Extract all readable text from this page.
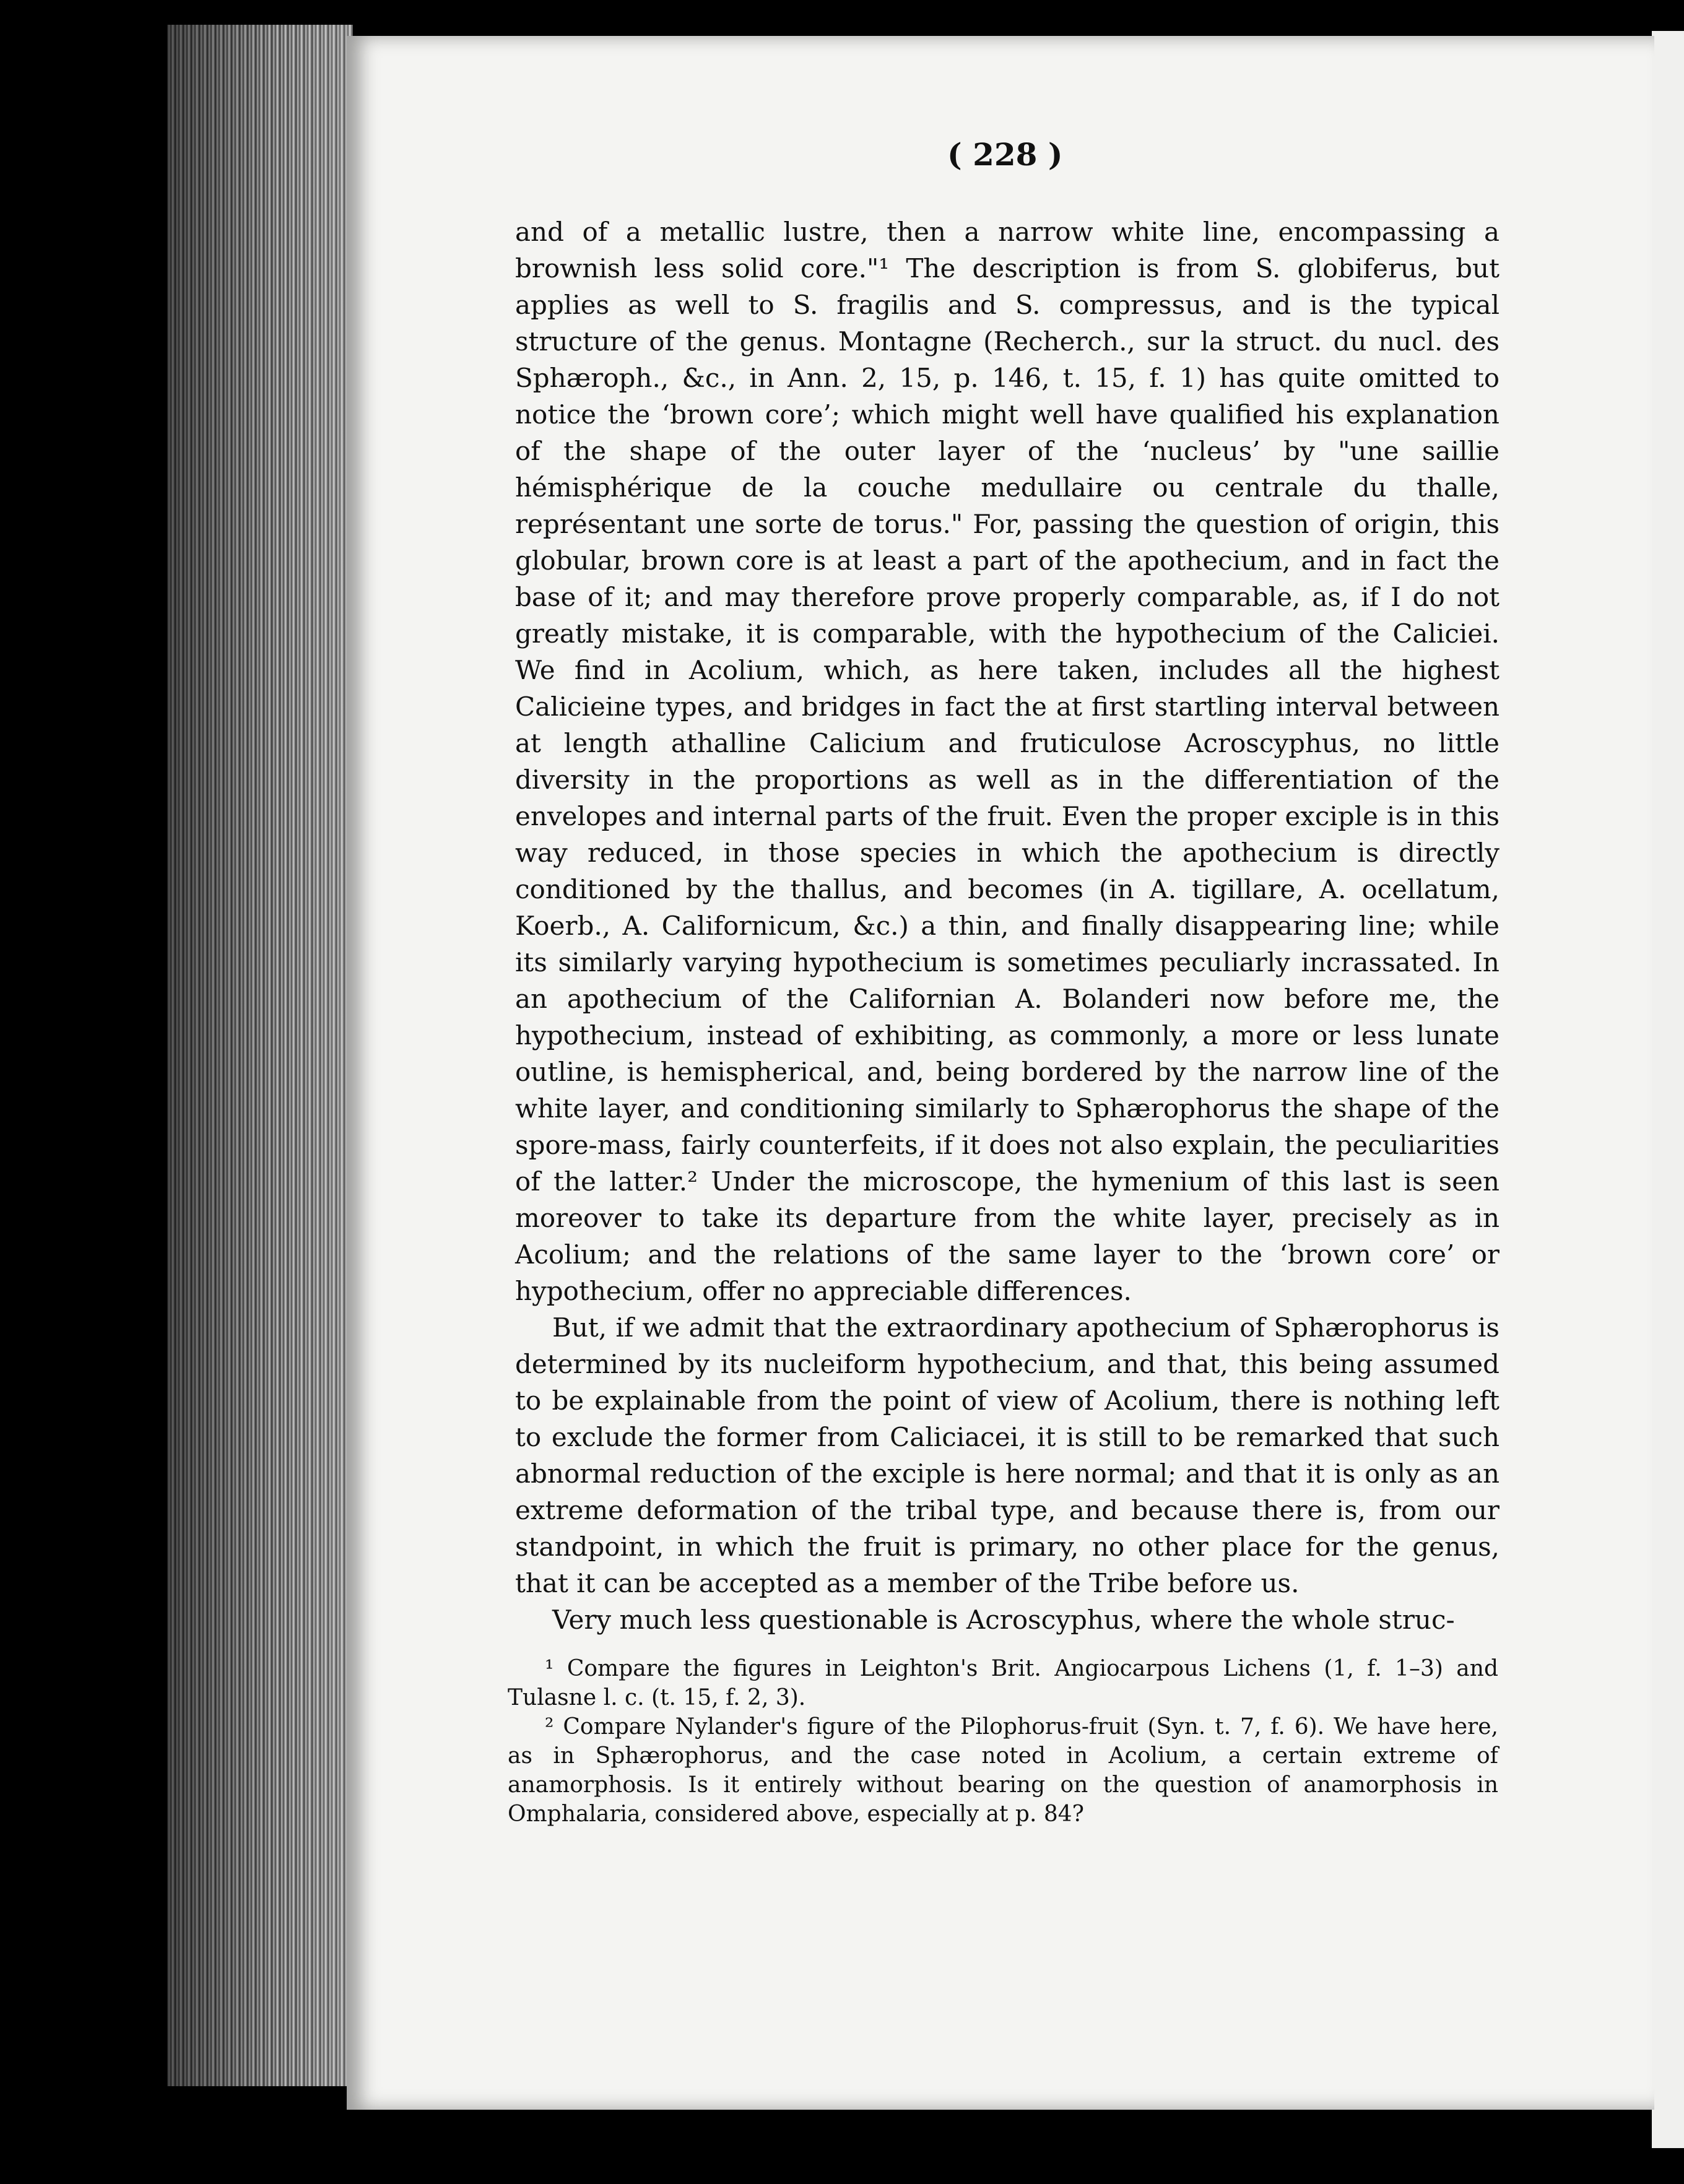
( 228 )

and of a metallic lustre, then a narrow white line, encompassing a brownish less solid core."¹ The description is from S. globiferus, but applies as well to S. fragilis and S. compressus, and is the typical structure of the genus. Montagne (Recherch., sur la struct. du nucl. des Sphæroph., &c., in Ann. 2, 15, p. 146, t. 15, f. 1) has quite omitted to notice the ‘brown core’; which might well have qualified his explanation of the shape of the outer layer of the ‘nucleus’ by "une saillie hémisphérique de la couche medullaire ou centrale du thalle, représentant une sorte de torus." For, passing the question of origin, this globular, brown core is at least a part of the apothecium, and in fact the base of it; and may therefore prove properly comparable, as, if I do not greatly mistake, it is comparable, with the hypothecium of the Caliciei. We find in Acolium, which, as here taken, includes all the highest Calicieine types, and bridges in fact the at first startling interval between at length athalline Calicium and fruticulose Acroscyphus, no little diversity in the proportions as well as in the differentiation of the envelopes and internal parts of the fruit. Even the proper exciple is in this way reduced, in those species in which the apothecium is directly conditioned by the thallus, and becomes (in A. tigillare, A. ocellatum, Koerb., A. Californicum, &c.) a thin, and finally disappearing line; while its similarly varying hypothecium is sometimes peculiarly incrassated. In an apothecium of the Californian A. Bolanderi now before me, the hypothecium, instead of exhibiting, as commonly, a more or less lunate outline, is hemispherical, and, being bordered by the narrow line of the white layer, and conditioning similarly to Sphærophorus the shape of the spore-mass, fairly counterfeits, if it does not also explain, the peculiarities of the latter.² Under the microscope, the hymenium of this last is seen moreover to take its departure from the white layer, precisely as in Acolium; and the relations of the same layer to the ‘brown core’ or hypothecium, offer no appreciable differences.

But, if we admit that the extraordinary apothecium of Sphærophorus is determined by its nucleiform hypothecium, and that, this being assumed to be explainable from the point of view of Acolium, there is nothing left to exclude the former from Caliciacei, it is still to be remarked that such abnormal reduction of the exciple is here normal; and that it is only as an extreme deformation of the tribal type, and because there is, from our standpoint, in which the fruit is primary, no other place for the genus, that it can be accepted as a member of the Tribe before us.

Very much less questionable is Acroscyphus, where the whole struc-

¹ Compare the figures in Leighton's Brit. Angiocarpous Lichens (1, f. 1–3) and Tulasne l. c. (t. 15, f. 2, 3).

² Compare Nylander's figure of the Pilophorus-fruit (Syn. t. 7, f. 6). We have here, as in Sphærophorus, and the case noted in Acolium, a certain extreme of anamorphosis. Is it entirely without bearing on the question of anamorphosis in Omphalaria, considered above, especially at p. 84?
